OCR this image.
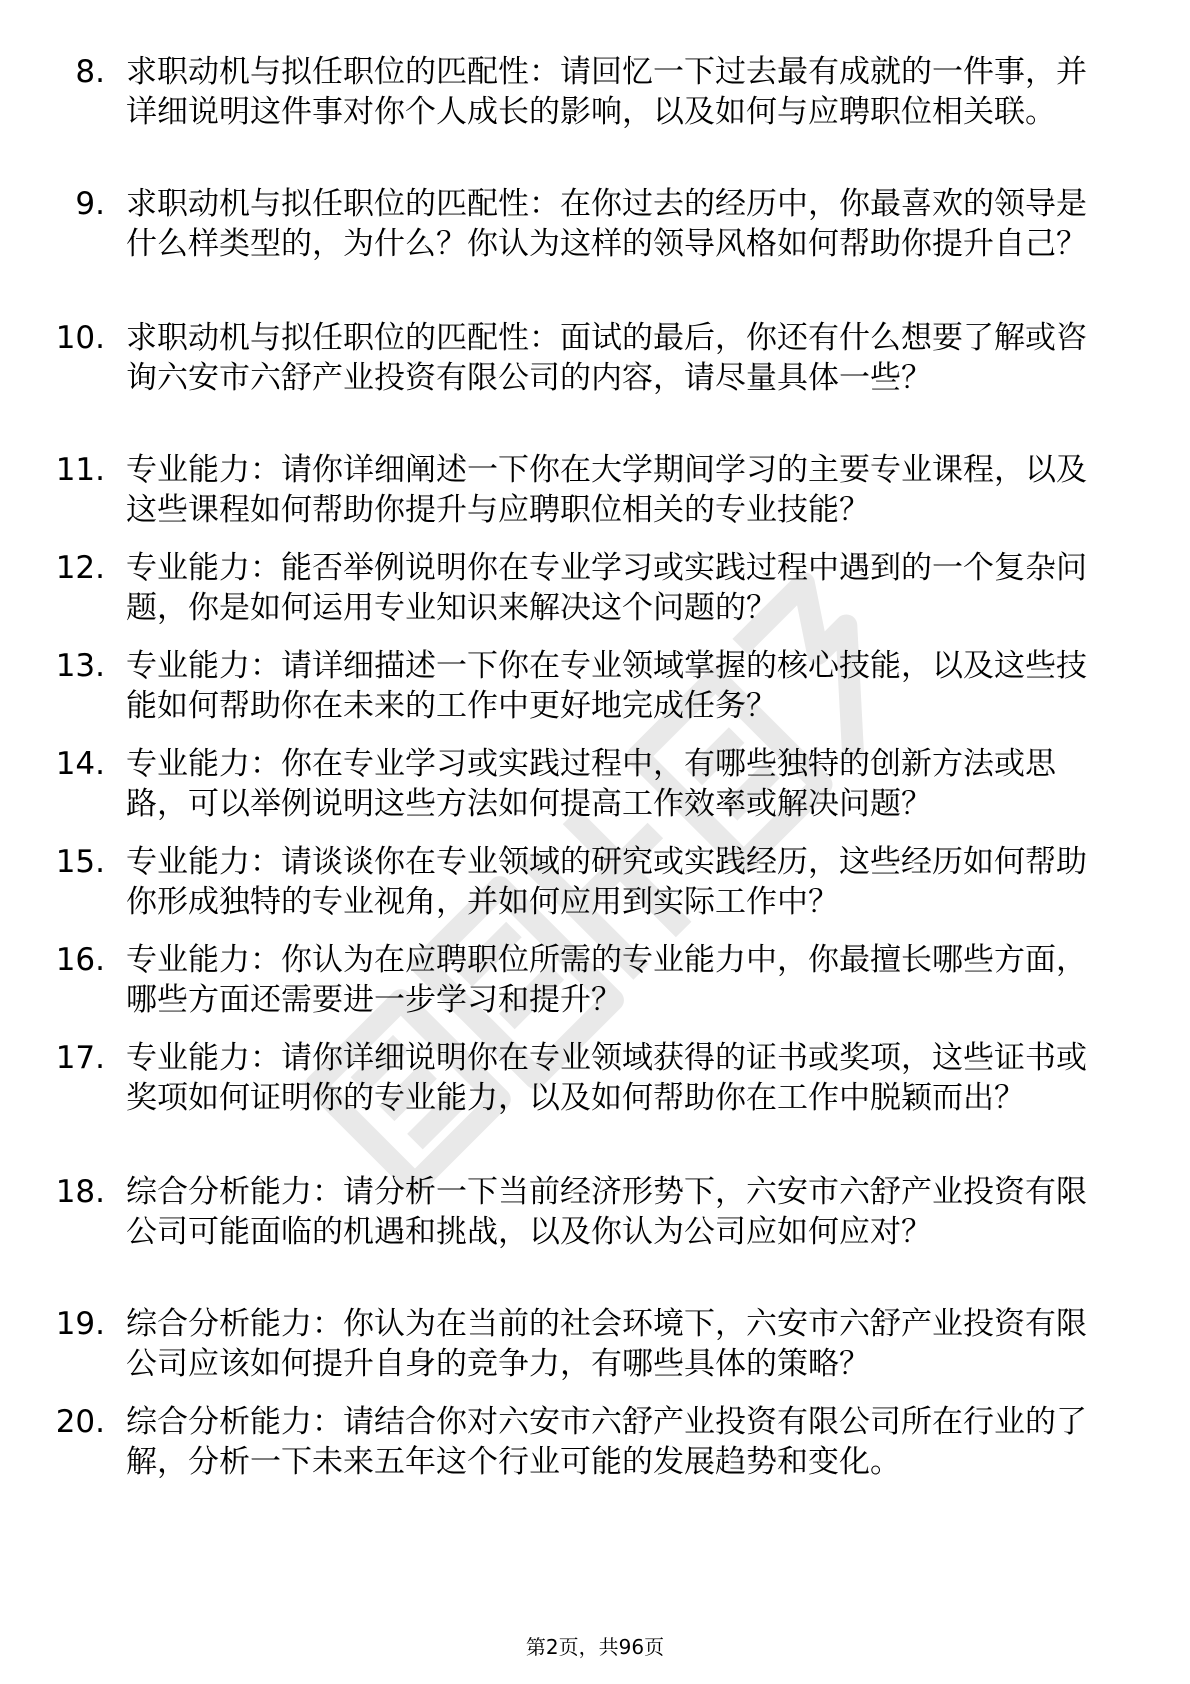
8. 求职动机与拟任职位的匹配性：请回忆一下过去最有成就的一件事，并详细说明这件事对你个人成长的影响，以及如何与应聘职位相关联。
9. 求职动机与拟任职位的匹配性：在你过去的经历中，你最喜欢的领导是什么样类型的，为什么？你认为这样的领导风格如何帮助你提升自己？
10. 求职动机与拟任职位的匹配性：面试的最后，你还有什么想要了解或咨询六安市六舒产业投资有限公司的内容，请尽量具体一些？
11. 专业能力：请你详细阐述一下你在大学期间学习的主要专业课程，以及这些课程如何帮助你提升与应聘职位相关的专业技能？
12. 专业能力：能否举例说明你在专业学习或实践过程中遇到的一个复杂问题，你是如何运用专业知识来解决这个问题的？
13. 专业能力：请详细描述一下你在专业领域掌握的核心技能，以及这些技能如何帮助你在未来的工作中更好地完成任务？
14. 专业能力：你在专业学习或实践过程中，有哪些独特的创新方法或思路，可以举例说明这些方法如何提高工作效率或解决问题？
15. 专业能力：请谈谈你在专业领域的研究或实践经历，这些经历如何帮助你形成独特的专业视角，并如何应用到实际工作中？
16. 专业能力：你认为在应聘职位所需的专业能力中，你最擅长哪些方面，哪些方面还需要进一步学习和提升？
17. 专业能力：请你详细说明你在专业领域获得的证书或奖项，这些证书或奖项如何证明你的专业能力，以及如何帮助你在工作中脱颖而出？
18. 综合分析能力：请分析一下当前经济形势下，六安市六舒产业投资有限公司可能面临的机遇和挑战，以及你认为公司应如何应对？
19. 综合分析能力：你认为在当前的社会环境下，六安市六舒产业投资有限公司应该如何提升自身的竞争力，有哪些具体的策略？
20. 综合分析能力：请结合你对六安市六舒产业投资有限公司所在行业的了解，分析一下未来五年这个行业可能的发展趋势和变化。
第2页，共96页
